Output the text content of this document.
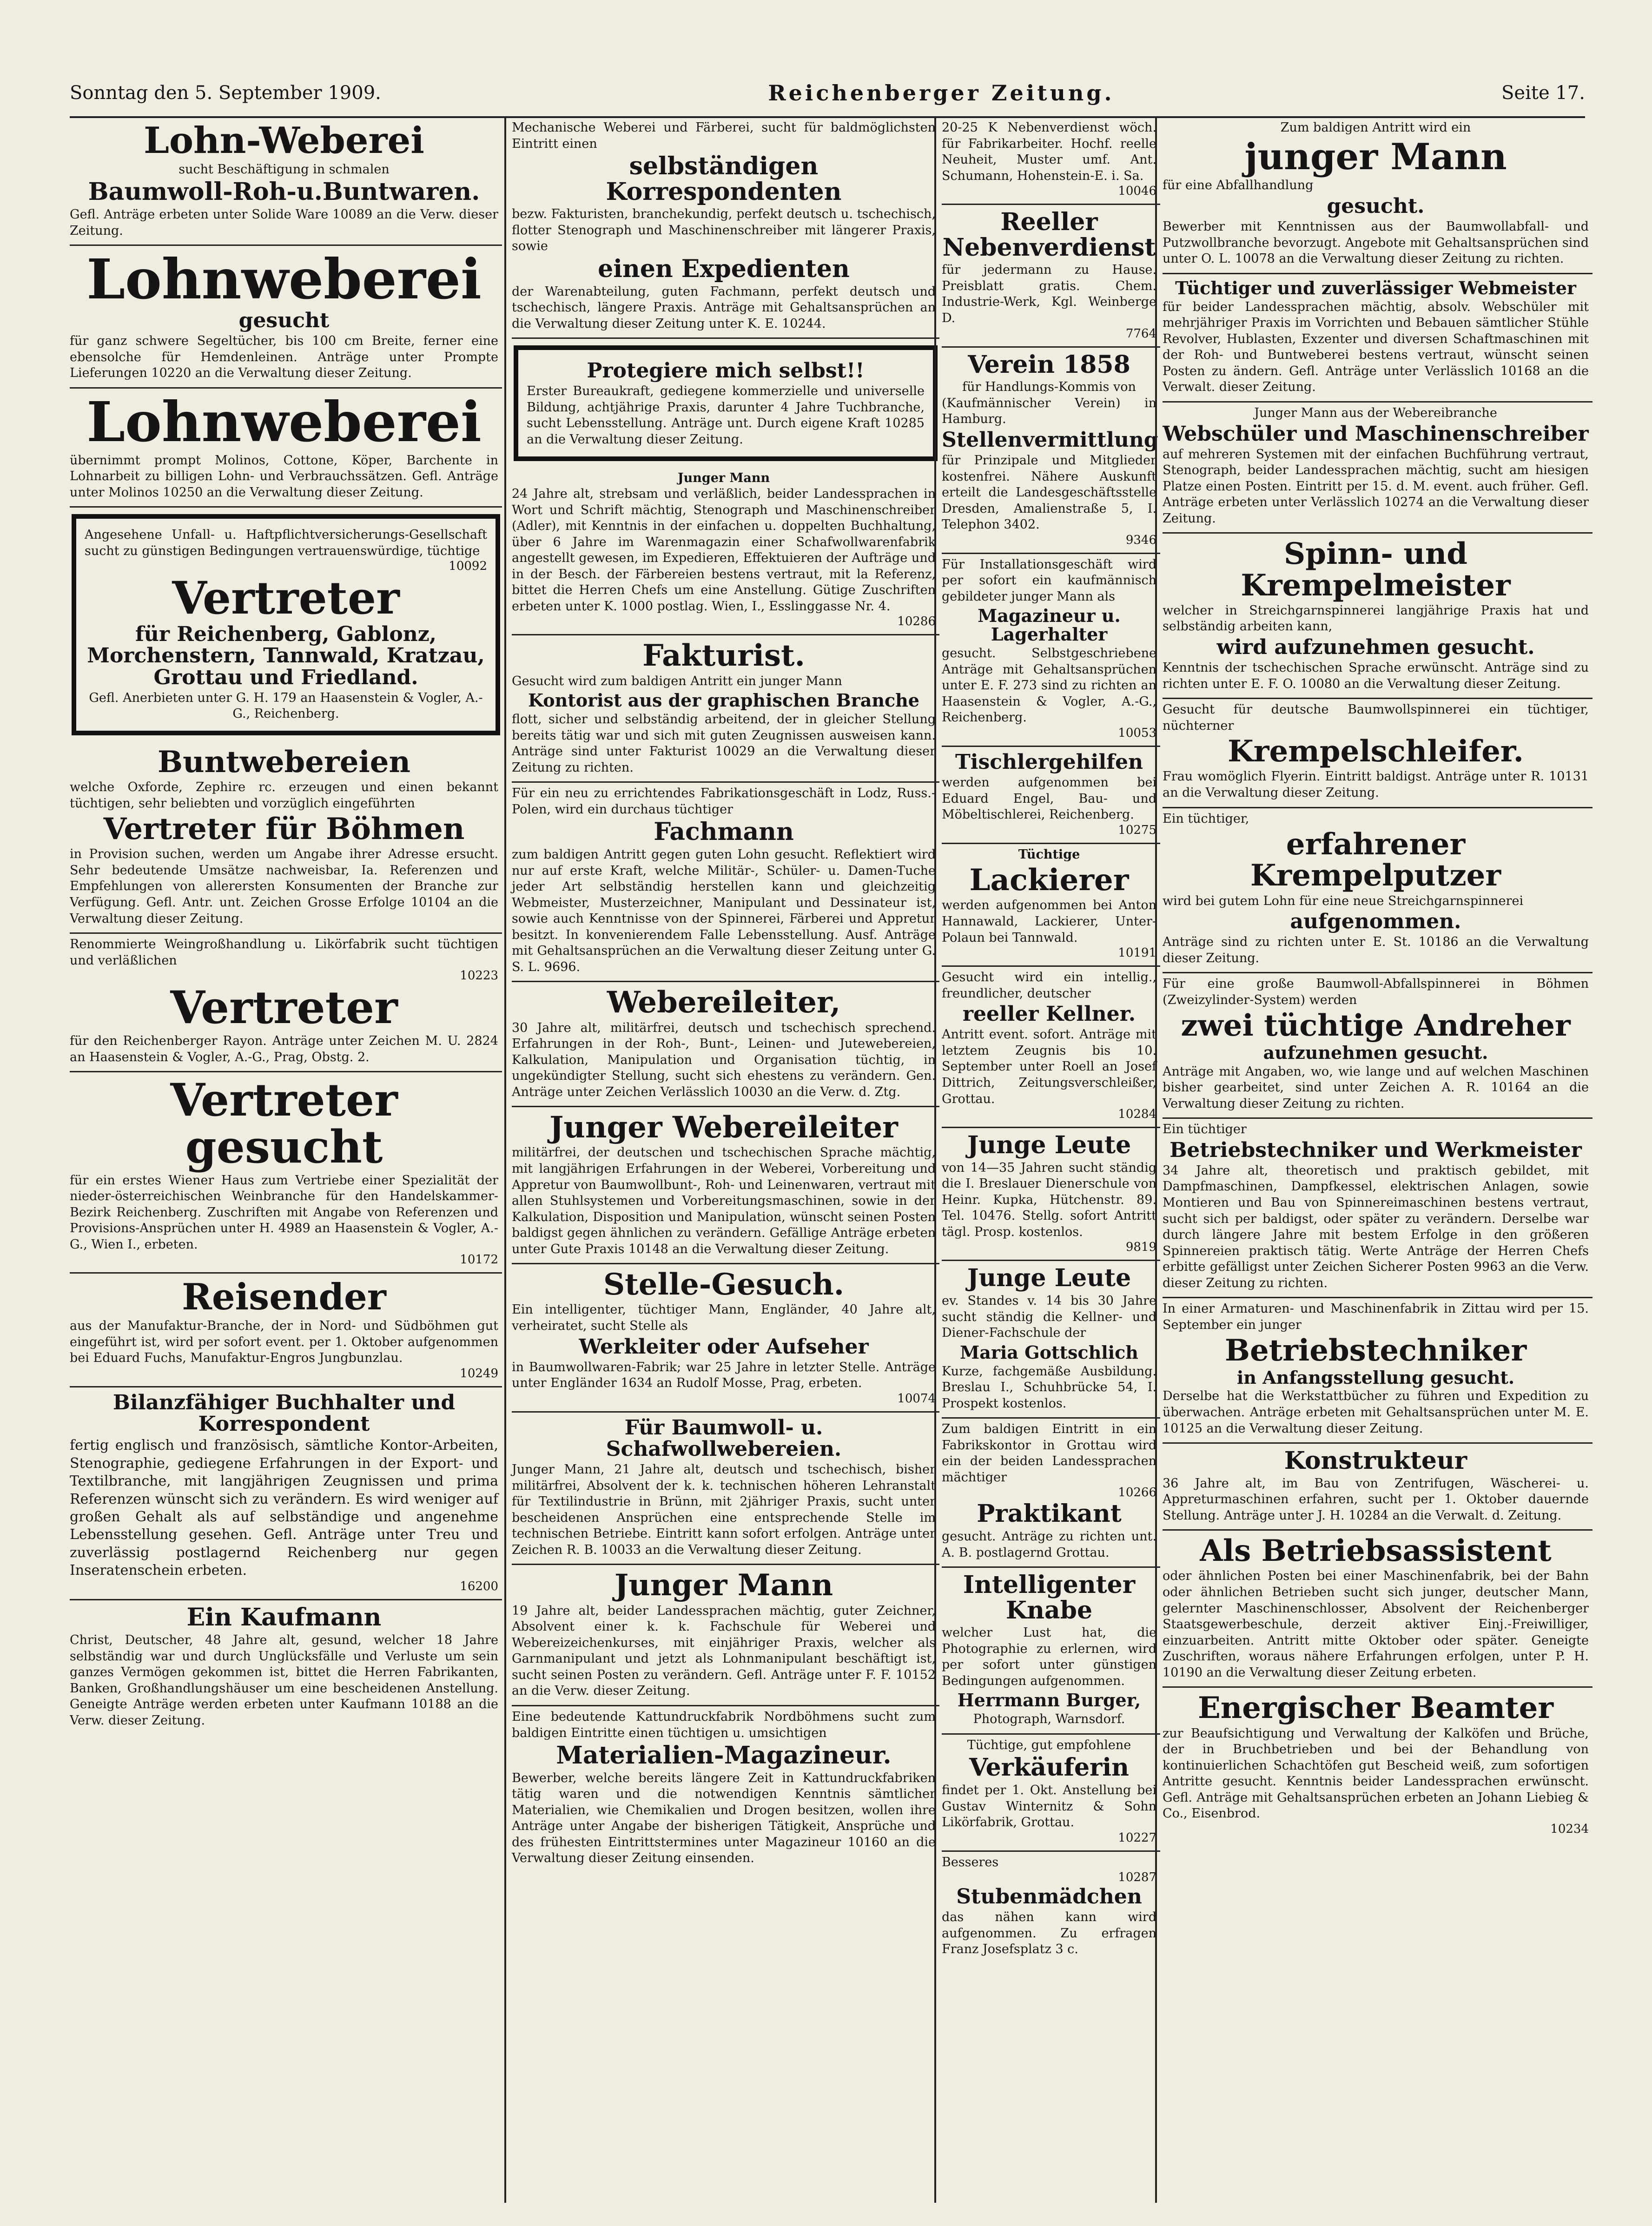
Sonntag den 5. September 1909.	Reichenberger Zeitung.	Seite 17.
Lohn-Weberei
sucht Beschäftigung in schmalen
Baumwoll-Roh-u.Buntwaren.
Gefl. Anträge erbeten unter Solide Ware 10089 an die Verw. dieser Zeitung.
Lohnweberei
gesucht
für ganz schwere Segeltücher, bis 100 cm Breite, ferner eine ebensolche für Hemdenleinen. Anträge unter Prompte Lieferungen 10220 an die Verwaltung dieser Zeitung.
Lohnweberei
übernimmt prompt Molinos, Cottone, Köper, Barchente in Lohnarbeit zu billigen Lohn- und Verbrauchssätzen. Gefl. Anträge unter Molinos 10250 an die Verwaltung dieser Zeitung.
Angesehene Unfall- u. Haftpflichtversicherungs-Gesellschaft sucht zu günstigen Bedingungen vertrauenswürdige, tüchtige
10092
Vertreter
für Reichenberg, Gablonz, Morchenstern, Tannwald, Kratzau, Grottau und Friedland.
Gefl. Anerbieten unter G. H. 179 an Haasenstein & Vogler, A.-G., Reichenberg.
Buntwebereien
welche Oxforde, Zephire rc. erzeugen und einen bekannt tüchtigen, sehr beliebten und vorzüglich eingeführten
Vertreter für Böhmen
in Provision suchen, werden um Angabe ihrer Adresse ersucht. Sehr bedeutende Umsätze nachweisbar, Ia. Referenzen und Empfehlungen von allerersten Konsumenten der Branche zur Verfügung. Gefl. Antr. unt. Zeichen Grosse Erfolge 10104 an die Verwaltung dieser Zeitung.
Renommierte Weingroßhandlung u. Likörfabrik sucht tüchtigen und verläßlichen
10223
Vertreter
für den Reichenberger Rayon. Anträge unter Zeichen M. U. 2824 an Haasenstein & Vogler, A.-G., Prag, Obstg. 2.
Vertreter gesucht
für ein erstes Wiener Haus zum Vertriebe einer Spezialität der nieder-österreichischen Weinbranche für den Handelskammer-Bezirk Reichenberg. Zuschriften mit Angabe von Referenzen und Provisions-Ansprüchen unter H. 4989 an Haasenstein & Vogler, A.-G., Wien I., erbeten.
10172
Reisender
aus der Manufaktur-Branche, der in Nord- und Südböhmen gut eingeführt ist, wird per sofort event. per 1. Oktober aufgenommen bei Eduard Fuchs, Manufaktur-Engros Jungbunzlau.
10249
Bilanzfähiger Buchhalter und Korrespondent
fertig englisch und französisch, sämtliche Kontor-Arbeiten, Stenographie, gediegene Erfahrungen in der Export- und Textilbranche, mit langjährigen Zeugnissen und prima Referenzen wünscht sich zu verändern. Es wird weniger auf großen Gehalt als auf selbständige und angenehme Lebensstellung gesehen. Gefl. Anträge unter Treu und zuverlässig postlagernd Reichenberg nur gegen Inseratenschein erbeten.
16200
Ein Kaufmann
Christ, Deutscher, 48 Jahre alt, gesund, welcher 18 Jahre selbständig war und durch Unglücksfälle und Verluste um sein ganzes Vermögen gekommen ist, bittet die Herren Fabrikanten, Banken, Großhandlungshäuser um eine bescheidenen Anstellung. Geneigte Anträge werden erbeten unter Kaufmann 10188 an die Verw. dieser Zeitung.
Mechanische Weberei und Färberei, sucht für baldmöglichsten Eintritt einen
selbständigen Korrespondenten
bezw. Fakturisten, branchekundig, perfekt deutsch u. tschechisch, flotter Stenograph und Maschinenschreiber mit längerer Praxis, sowie
einen Expedienten
der Warenabteilung, guten Fachmann, perfekt deutsch und tschechisch, längere Praxis. Anträge mit Gehaltsansprüchen an die Verwaltung dieser Zeitung unter K. E. 10244.
Protegiere mich selbst!!
Erster Bureaukraft, gediegene kommerzielle und universelle Bildung, achtjährige Praxis, darunter 4 Jahre Tuchbranche, sucht Lebensstellung. Anträge unt. Durch eigene Kraft 10285 an die Verwaltung dieser Zeitung.
Junger Mann
24 Jahre alt, strebsam und verläßlich, beider Landessprachen in Wort und Schrift mächtig, Stenograph und Maschinenschreiber (Adler), mit Kenntnis in der einfachen u. doppelten Buchhaltung, über 6 Jahre im Warenmagazin einer Schafwollwarenfabrik angestellt gewesen, im Expedieren, Effektuieren der Aufträge und in der Besch. der Färbereien bestens vertraut, mit la Referenz, bittet die Herren Chefs um eine Anstellung. Gütige Zuschriften erbeten unter K. 1000 postlag. Wien, I., Esslinggasse Nr. 4.
10286
Fakturist.
Gesucht wird zum baldigen Antritt ein junger Mann
Kontorist aus der graphischen Branche
flott, sicher und selbständig arbeitend, der in gleicher Stellung bereits tätig war und sich mit guten Zeugnissen ausweisen kann. Anträge sind unter Fakturist 10029 an die Verwaltung dieser Zeitung zu richten.
Für ein neu zu errichtendes Fabrikationsgeschäft in Lodz, Russ.-Polen, wird ein durchaus tüchtiger
Fachmann
zum baldigen Antritt gegen guten Lohn gesucht. Reflektiert wird nur auf erste Kraft, welche Militär-, Schüler- u. Damen-Tuche jeder Art selbständig herstellen kann und gleichzeitig Webmeister, Musterzeichner, Manipulant und Dessinateur ist, sowie auch Kenntnisse von der Spinnerei, Färberei und Appretur besitzt. In konvenierendem Falle Lebensstellung. Ausf. Anträge mit Gehaltsansprüchen an die Verwaltung dieser Zeitung unter G. S. L. 9696.
Webereileiter,
30 Jahre alt, militärfrei, deutsch und tschechisch sprechend. Erfahrungen in der Roh-, Bunt-, Leinen- und Jutewebereien, Kalkulation, Manipulation und Organisation tüchtig, in ungekündigter Stellung, sucht sich ehestens zu verändern. Gen. Anträge unter Zeichen Verlässlich 10030 an die Verw. d. Ztg.
Junger Webereileiter
militärfrei, der deutschen und tschechischen Sprache mächtig, mit langjährigen Erfahrungen in der Weberei, Vorbereitung und Appretur von Baumwollbunt-, Roh- und Leinenwaren, vertraut mit allen Stuhlsystemen und Vorbereitungsmaschinen, sowie in der Kalkulation, Disposition und Manipulation, wünscht seinen Posten baldigst gegen ähnlichen zu verändern. Gefällige Anträge erbeten unter Gute Praxis 10148 an die Verwaltung dieser Zeitung.
Stelle-Gesuch.
Ein intelligenter, tüchtiger Mann, Engländer, 40 Jahre alt, verheiratet, sucht Stelle als
Werkleiter oder Aufseher
in Baumwollwaren-Fabrik; war 25 Jahre in letzter Stelle. Anträge unter Engländer 1634 an Rudolf Mosse, Prag, erbeten.
10074
Für Baumwoll- u. Schafwollwebereien.
Junger Mann, 21 Jahre alt, deutsch und tschechisch, bisher militärfrei, Absolvent der k. k. technischen höheren Lehranstalt für Textilindustrie in Brünn, mit 2jähriger Praxis, sucht unter bescheidenen Ansprüchen eine entsprechende Stelle im technischen Betriebe. Eintritt kann sofort erfolgen. Anträge unter Zeichen R. B. 10033 an die Verwaltung dieser Zeitung.
Junger Mann
19 Jahre alt, beider Landessprachen mächtig, guter Zeichner, Absolvent einer k. k. Fachschule für Weberei und Webereizeichenkurses, mit einjähriger Praxis, welcher als Garnmanipulant und jetzt als Lohnmanipulant beschäftigt ist, sucht seinen Posten zu verändern. Gefl. Anträge unter F. F. 10152 an die Verw. dieser Zeitung.
Eine bedeutende Kattundruckfabrik Nordböhmens sucht zum baldigen Eintritte einen tüchtigen u. umsichtigen
Materialien-Magazineur.
Bewerber, welche bereits längere Zeit in Kattundruckfabriken tätig waren und die notwendigen Kenntnis sämtlicher Materialien, wie Chemikalien und Drogen besitzen, wollen ihre Anträge unter Angabe der bisherigen Tätigkeit, Ansprüche und des frühesten Eintrittstermines unter Magazineur 10160 an die Verwaltung dieser Zeitung einsenden.
20-25 K Nebenverdienst wöch. für Fabrikarbeiter. Hochf. reelle Neuheit, Muster umf. Ant. Schumann, Hohenstein-E. i. Sa.
10046
Reeller Nebenverdienst
für jedermann zu Hause. Preisblatt gratis. Chem. Industrie-Werk, Kgl. Weinberge D.
7764
Verein 1858
für Handlungs-Kommis von
(Kaufmännischer Verein) in Hamburg.
Stellenvermittlung
für Prinzipale und Mitglieder kostenfrei. Nähere Auskunft erteilt die Landesgeschäftsstelle Dresden, Amalienstraße 5, I. Telephon 3402.
9346
Für Installationsgeschäft wird per sofort ein kaufmännisch gebildeter junger Mann als
Magazineur u. Lagerhalter
gesucht. Selbstgeschriebene Anträge mit Gehaltsansprüchen unter E. F. 273 sind zu richten an Haasenstein & Vogler, A.-G., Reichenberg.
10053
Tischlergehilfen
werden aufgenommen bei Eduard Engel, Bau- und Möbeltischlerei, Reichenberg.
10275
Tüchtige
Lackierer
werden aufgenommen bei Anton Hannawald, Lackierer, Unter-Polaun bei Tannwald.
10191
Gesucht wird ein intellig., freundlicher, deutscher
reeller Kellner.
Antritt event. sofort. Anträge mit letztem Zeugnis bis 10. September unter Roell an Josef Dittrich, Zeitungsverschleißer, Grottau.
10284
Junge Leute
von 14—35 Jahren sucht ständig die I. Breslauer Dienerschule von Heinr. Kupka, Hütchenstr. 89. Tel. 10476. Stellg. sofort Antritt tägl. Prosp. kostenlos.
9819
Junge Leute
ev. Standes v. 14 bis 30 Jahre sucht ständig die Kellner- und Diener-Fachschule der
Maria Gottschlich
Kurze, fachgemäße Ausbildung. Breslau I., Schuhbrücke 54, I. Prospekt kostenlos.
Zum baldigen Eintritt in ein Fabrikskontor in Grottau wird ein der beiden Landessprachen mächtiger
10266
Praktikant
gesucht. Anträge zu richten unt. A. B. postlagernd Grottau.
Intelligenter Knabe
welcher Lust hat, die Photographie zu erlernen, wird per sofort unter günstigen Bedingungen aufgenommen.
Herrmann Burger,
Photograph, Warnsdorf.
Tüchtige, gut empfohlene
Verkäuferin
findet per 1. Okt. Anstellung bei Gustav Winternitz & Sohn Likörfabrik, Grottau.
10227
Besseres
10287
Stubenmädchen
das nähen kann wird aufgenommen. Zu erfragen Franz Josefsplatz 3 c.
Zum baldigen Antritt wird ein
junger Mann
für eine Abfallhandlung
gesucht.
Bewerber mit Kenntnissen aus der Baumwollabfall- und Putzwollbranche bevorzugt. Angebote mit Gehaltsansprüchen sind unter O. L. 10078 an die Verwaltung dieser Zeitung zu richten.
Tüchtiger und zuverlässiger Webmeister
für beider Landessprachen mächtig, absolv. Webschüler mit mehrjähriger Praxis im Vorrichten und Bebauen sämtlicher Stühle Revolver, Hublasten, Exzenter und diversen Schaftmaschinen mit der Roh- und Buntweberei bestens vertraut, wünscht seinen Posten zu ändern. Gefl. Anträge unter Verlässlich 10168 an die Verwalt. dieser Zeitung.
Junger Mann aus der Webereibranche
Webschüler und Maschinenschreiber
auf mehreren Systemen mit der einfachen Buchführung vertraut, Stenograph, beider Landessprachen mächtig, sucht am hiesigen Platze einen Posten. Eintritt per 15. d. M. event. auch früher. Gefl. Anträge erbeten unter Verlässlich 10274 an die Verwaltung dieser Zeitung.
Spinn- und Krempelmeister
welcher in Streichgarnspinnerei langjährige Praxis hat und selbständig arbeiten kann,
wird aufzunehmen gesucht.
Kenntnis der tschechischen Sprache erwünscht. Anträge sind zu richten unter E. F. O. 10080 an die Verwaltung dieser Zeitung.
Gesucht für deutsche Baumwollspinnerei ein tüchtiger, nüchterner
Krempelschleifer.
Frau womöglich Flyerin. Eintritt baldigst. Anträge unter R. 10131 an die Verwaltung dieser Zeitung.
Ein tüchtiger,
erfahrener Krempelputzer
wird bei gutem Lohn für eine neue Streichgarnspinnerei
aufgenommen.
Anträge sind zu richten unter E. St. 10186 an die Verwaltung dieser Zeitung.
Für eine große Baumwoll-Abfallspinnerei in Böhmen (Zweizylinder-System) werden
zwei tüchtige Andreher
aufzunehmen gesucht.
Anträge mit Angaben, wo, wie lange und auf welchen Maschinen bisher gearbeitet, sind unter Zeichen A. R. 10164 an die Verwaltung dieser Zeitung zu richten.
Ein tüchtiger
Betriebstechniker und Werkmeister
34 Jahre alt, theoretisch und praktisch gebildet, mit Dampfmaschinen, Dampfkessel, elektrischen Anlagen, sowie Montieren und Bau von Spinnereimaschinen bestens vertraut, sucht sich per baldigst, oder später zu verändern. Derselbe war durch längere Jahre mit bestem Erfolge in den größeren Spinnereien praktisch tätig. Werte Anträge der Herren Chefs erbitte gefälligst unter Zeichen Sicherer Posten 9963 an die Verw. dieser Zeitung zu richten.
In einer Armaturen- und Maschinenfabrik in Zittau wird per 15. September ein junger
Betriebstechniker
in Anfangsstellung gesucht.
Derselbe hat die Werkstattbücher zu führen und Expedition zu überwachen. Anträge erbeten mit Gehaltsansprüchen unter M. E. 10125 an die Verwaltung dieser Zeitung.
Konstrukteur
36 Jahre alt, im Bau von Zentrifugen, Wäscherei- u. Appreturmaschinen erfahren, sucht per 1. Oktober dauernde Stellung. Anträge unter J. H. 10284 an die Verwalt. d. Zeitung.
Als Betriebsassistent
oder ähnlichen Posten bei einer Maschinenfabrik, bei der Bahn oder ähnlichen Betrieben sucht sich junger, deutscher Mann, gelernter Maschinenschlosser, Absolvent der Reichenberger Staatsgewerbeschule, derzeit aktiver Einj.-Freiwilliger, einzuarbeiten. Antritt mitte Oktober oder später. Geneigte Zuschriften, woraus nähere Erfahrungen erfolgen, unter P. H. 10190 an die Verwaltung dieser Zeitung erbeten.
Energischer Beamter
zur Beaufsichtigung und Verwaltung der Kalköfen und Brüche, der in Bruchbetrieben und bei der Behandlung von kontinuierlichen Schachtöfen gut Bescheid weiß, zum sofortigen Antritte gesucht. Kenntnis beider Landessprachen erwünscht. Gefl. Anträge mit Gehaltsansprüchen erbeten an Johann Liebieg & Co., Eisenbrod.
10234
